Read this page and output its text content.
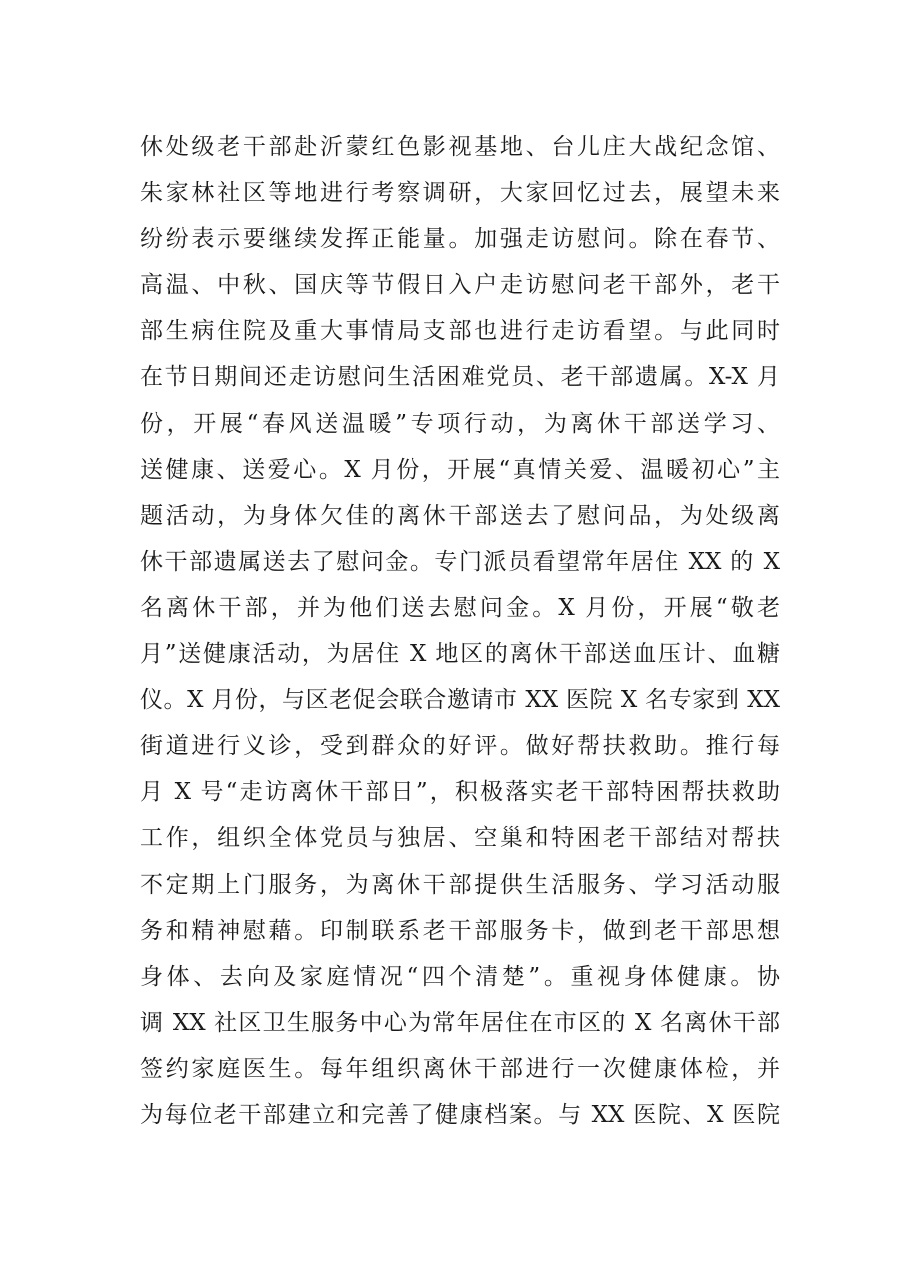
休处级老干部赴沂蒙红色影视基地、台儿庄大战纪念馆、
朱家林社区等地进行考察调研，大家回忆过去，展望未来
纷纷表示要继续发挥正能量。加强走访慰问。除在春节、
高温、中秋、国庆等节假日入户走访慰问老干部外，老干
部生病住院及重大事情局支部也进行走访看望。与此同时
在节日期间还走访慰问生活困难党员、老干部遗属。X-X 月
份，开展“春风送温暖”专项行动，为离休干部送学习、
送健康、送爱心。X 月份，开展“真情关爱、温暖初心”主
题活动，为身体欠佳的离休干部送去了慰问品，为处级离
休干部遗属送去了慰问金。专门派员看望常年居住 XX 的 X
名离休干部，并为他们送去慰问金。X 月份，开展“敬老
月”送健康活动，为居住 X 地区的离休干部送血压计、血糖
仪。X 月份，与区老促会联合邀请市 XX 医院 X 名专家到 XX
街道进行义诊，受到群众的好评。做好帮扶救助。推行每
月 X 号“走访离休干部日”，积极落实老干部特困帮扶救助
工作，组织全体党员与独居、空巢和特困老干部结对帮扶
不定期上门服务，为离休干部提供生活服务、学习活动服
务和精神慰藉。印制联系老干部服务卡，做到老干部思想
身体、去向及家庭情况“四个清楚”。重视身体健康。协
调 XX 社区卫生服务中心为常年居住在市区的 X 名离休干部
签约家庭医生。每年组织离休干部进行一次健康体检，并
为每位老干部建立和完善了健康档案。与 XX 医院、X 医院
